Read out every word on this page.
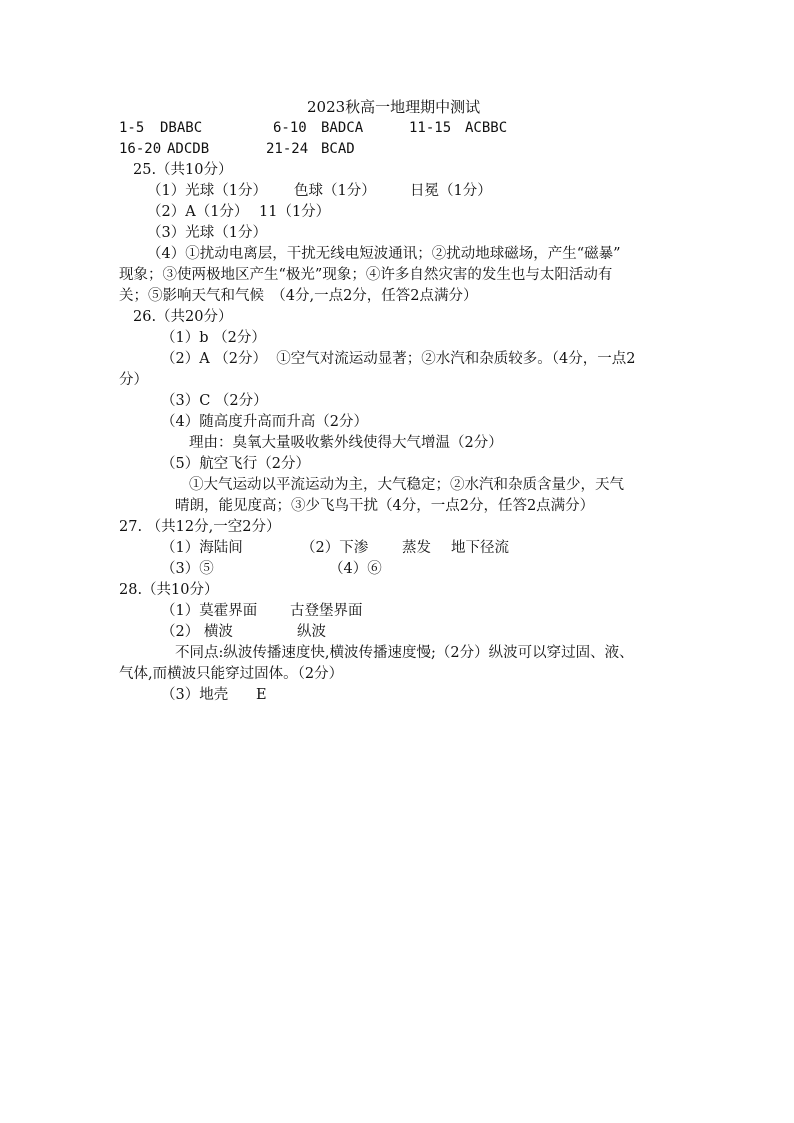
2023秋高一地理期中测试
1-5 DBABC	6-10 BADCA	11-15 ACBBC
16-20 ADCDB	21-24 BCAD
25.（共10分）
（1）光球（1分） 色球（1分） 日冕（1分）
（2）A（1分） 11（1分）
（3）光球（1分）
（4）①扰动电离层，干扰无线电短波通讯；②扰动地球磁场，产生“磁暴”
现象；③使两极地区产生“极光”现象；④许多自然灾害的发生也与太阳活动有
关；⑤影响天气和气候　（4分,一点2分，任答2点满分）
26.（共20分）
（1）b （2分）
（2）A （2分）  ①空气对流运动显著；②水汽和杂质较多。（4分，一点2
分）
（3）C （2分）
（4）随高度升高而升高（2分）
理由：臭氧大量吸收紫外线使得大气增温（2分）
（5）航空飞行（2分）
①大气运动以平流运动为主，大气稳定；②水汽和杂质含量少，天气
晴朗，能见度高；③少飞鸟干扰（4分，一点2分，任答2点满分）
27. （共12分,一空2分）
（1）海陆间	（2）下渗 蒸发 地下径流
（3）⑤	（4）⑥
28.（共10分）
（1）莫霍界面 古登堡界面
（2） 横波	纵波
不同点:纵波传播速度快,横波传播速度慢;（2分）纵波可以穿过固、液、
气体,而横波只能穿过固体。（2分）
（3）地壳 E
